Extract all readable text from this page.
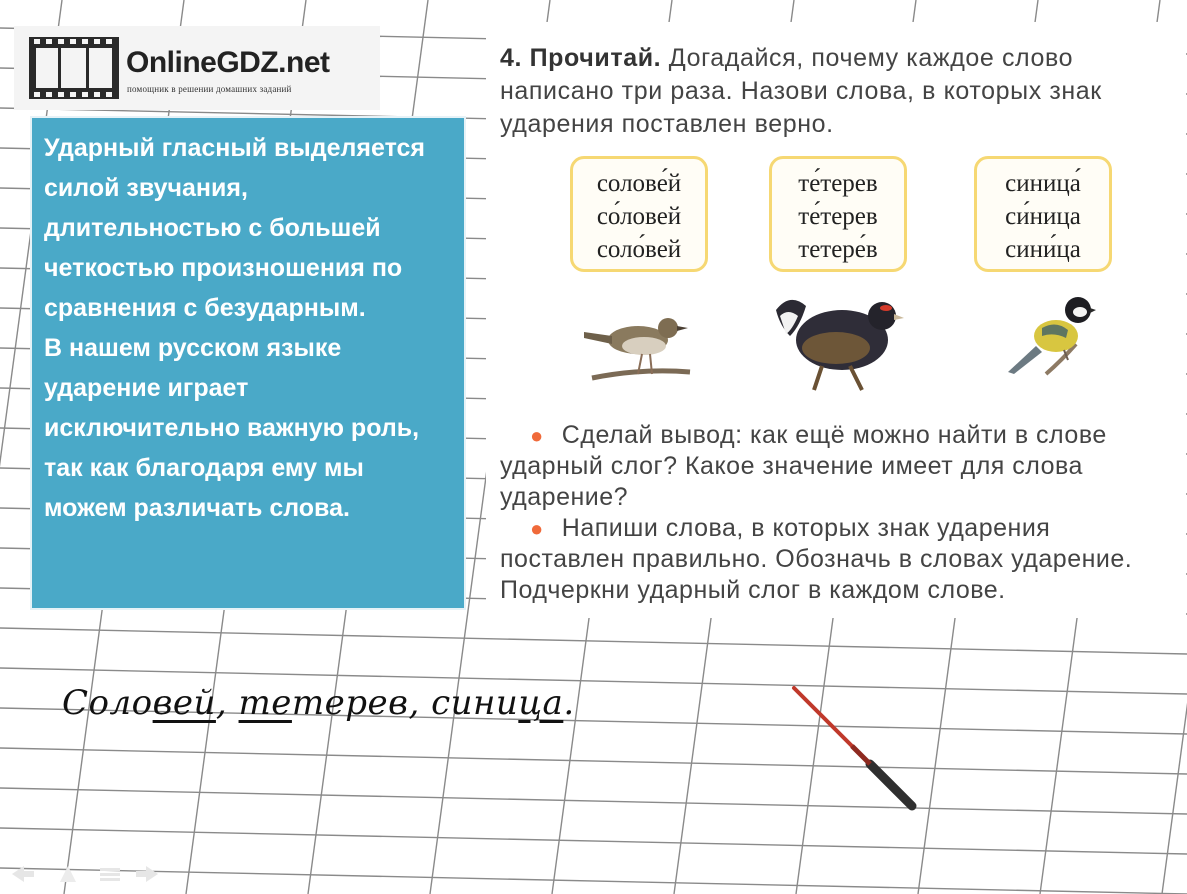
OnlineGDZ.net
помощник в решении домашних заданий

Ударный гласный выделяется силой звучания, длительностью с большей четкостью произношения по сравнения с безударным.

В нашем русском языке ударение играет исключительно важную роль, так как благодаря ему мы можем различать слова.

4. Прочитай. Догадайся, почему каждое слово написано три раза. Назови слова, в которых знак ударения поставлен верно.
солове́й
со́ловей
соло́вей
те́терев
те́терев
тетере́в
синица́
си́ница
сини́ца

● Сделай вывод: как ещё можно найти в слове ударный слог? Какое значение имеет для слова ударение?

● Напиши слова, в которых знак ударения поставлен правильно. Обозначь в словах ударение. Подчеркни ударный слог в каждом слове.

Соловей, тетерев, синица.
